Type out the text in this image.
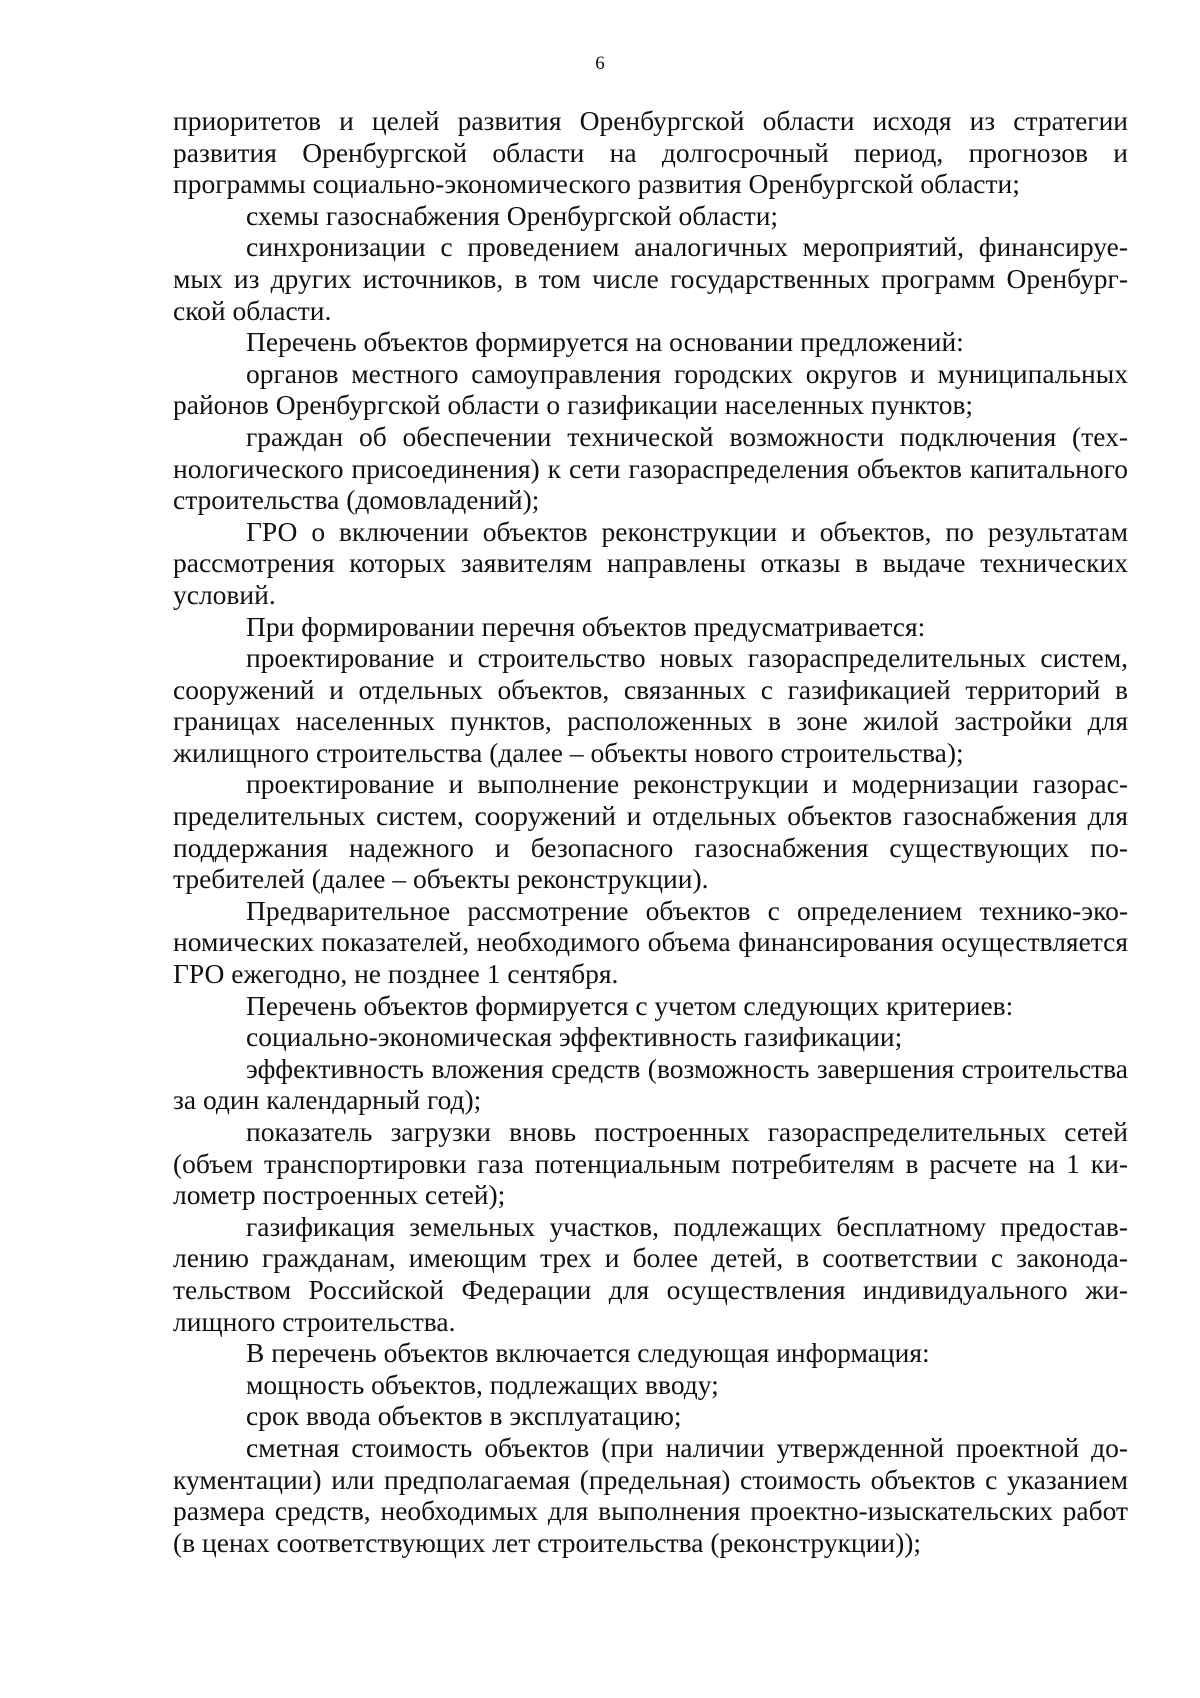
6

приоритетов и целей развития Оренбургской области исходя из стратегии развития Оренбургской области на долгосрочный период, прогнозов и программы социально-экономического развития Оренбургской области;

схемы газоснабжения Оренбургской области;

синхронизации с проведением аналогичных мероприятий, финансируемых из других источников, в том числе государственных программ Оренбургской области.

Перечень объектов формируется на основании предложений:

органов местного самоуправления городских округов и муниципальных районов Оренбургской области о газификации населенных пунктов;

граждан об обеспечении технической возможности подключения (технологического присоединения) к сети газораспределения объектов капитального строительства (домовладений);

ГРО о включении объектов реконструкции и объектов, по результатам рассмотрения которых заявителям направлены отказы в выдаче технических условий.

При формировании перечня объектов предусматривается:

проектирование и строительство новых газораспределительных систем, сооружений и отдельных объектов, связанных с газификацией территорий в границах населенных пунктов, расположенных в зоне жилой застройки для жилищного строительства (далее – объекты нового строительства);

проектирование и выполнение реконструкции и модернизации газораспределительных систем, сооружений и отдельных объектов газоснабжения для поддержания надежного и безопасного газоснабжения существующих потребителей (далее – объекты реконструкции).

Предварительное рассмотрение объектов с определением технико-экономических показателей, необходимого объема финансирования осуществляется ГРО ежегодно, не позднее 1 сентября.

Перечень объектов формируется с учетом следующих критериев:

социально-экономическая эффективность газификации;

эффективность вложения средств (возможность завершения строительства за один календарный год);

показатель загрузки вновь построенных газораспределительных сетей (объем транспортировки газа потенциальным потребителям в расчете на 1 километр построенных сетей);

газификация земельных участков, подлежащих бесплатному предоставлению гражданам, имеющим трех и более детей, в соответствии с законодательством Российской Федерации для осуществления индивидуального жилищного строительства.

В перечень объектов включается следующая информация:

мощность объектов, подлежащих вводу;

срок ввода объектов в эксплуатацию;

сметная стоимость объектов (при наличии утвержденной проектной документации) или предполагаемая (предельная) стоимость объектов с указанием размера средств, необходимых для выполнения проектно-изыскательских работ (в ценах соответствующих лет строительства (реконструкции));
